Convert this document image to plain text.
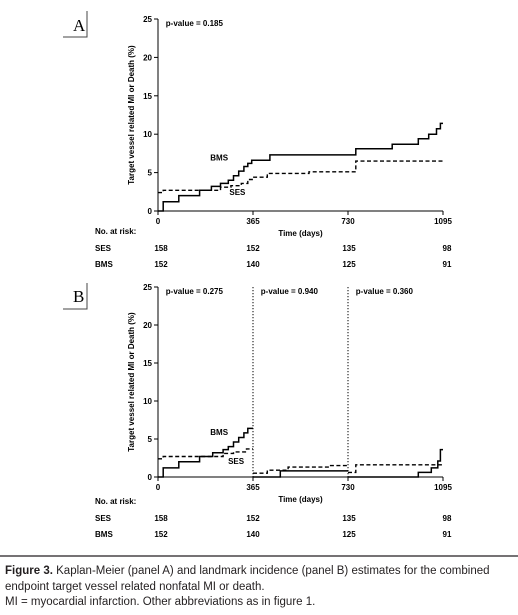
A
0
5
10
15
20
25
0	365	730	1095
Target vessel related MI or Death (%)
Time (days)
p-value = 0.185
BMS
SES
No. at risk:
SES	158	152	135	98
BMS	152	140	125	91
B
0
5
10
15
20
25
0	365	730	1095
Target vessel related MI or Death (%)
Time (days)
p-value = 0.275	p-value = 0.940	p-value = 0.360
BMS
SES
No. at risk:
SES	158	152	135	98
BMS	152	140	125	91
Figure 3. Kaplan-Meier (panel A) and landmark incidence (panel B) estimates for the combined endpoint target vessel related nonfatal MI or death.
MI = myocardial infarction. Other abbreviations as in figure 1.
